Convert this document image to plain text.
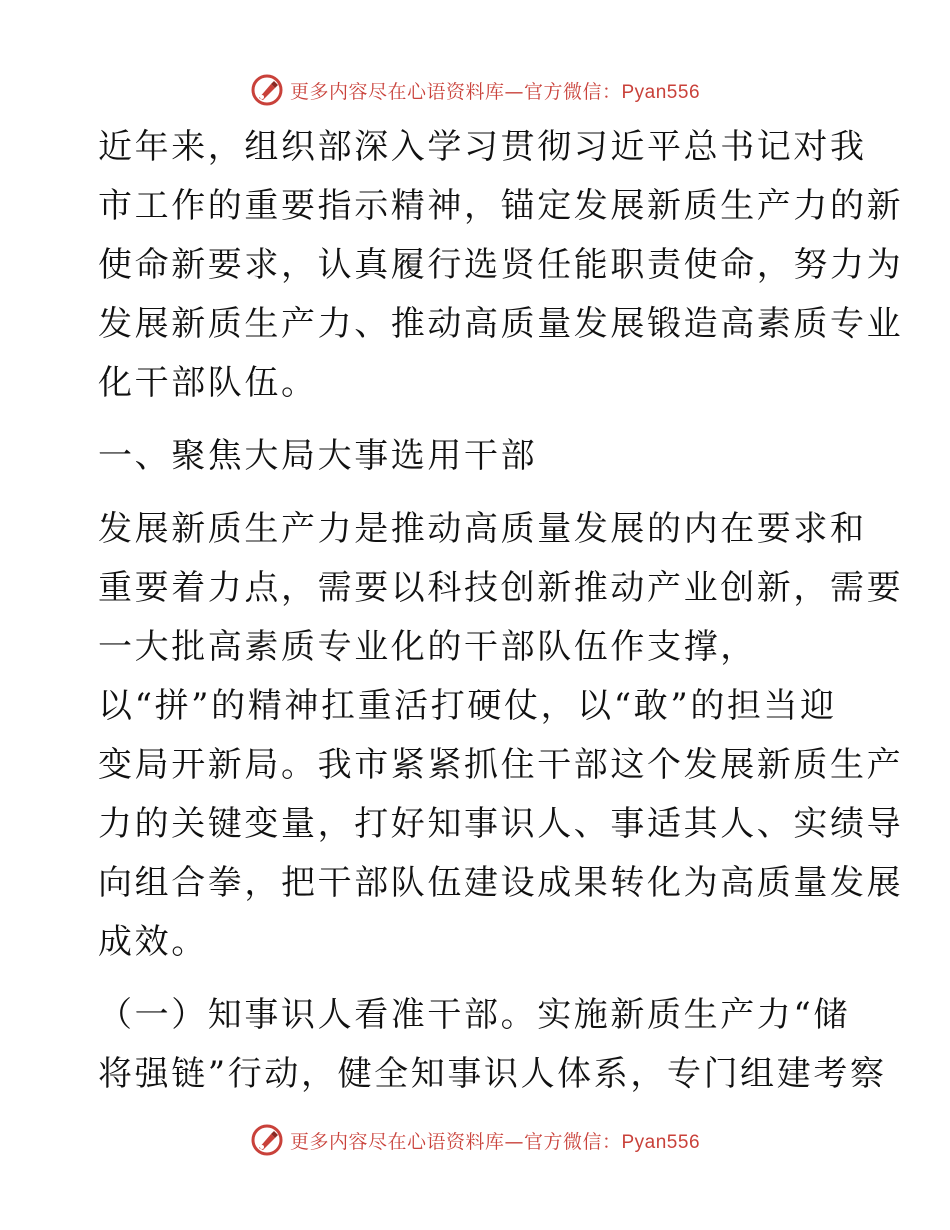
更多内容尽在心语资料库—官方微信：Pyan556
近年来，组织部深入学习贯彻习近平总书记对我
市工作的重要指示精神，锚定发展新质生产力的新
使命新要求，认真履行选贤任能职责使命，努力为
发展新质生产力、推动高质量发展锻造高素质专业
化干部队伍。
一、聚焦大局大事选用干部
发展新质生产力是推动高质量发展的内在要求和
重要着力点，需要以科技创新推动产业创新，需要
一大批高素质专业化的干部队伍作支撑，
以“拼”的精神扛重活打硬仗，以“敢”的担当迎
变局开新局。我市紧紧抓住干部这个发展新质生产
力的关键变量，打好知事识人、事适其人、实绩导
向组合拳，把干部队伍建设成果转化为高质量发展
成效。
（一）知事识人看准干部。实施新质生产力“储
将强链”行动，健全知事识人体系，专门组建考察
更多内容尽在心语资料库—官方微信：Pyan556
